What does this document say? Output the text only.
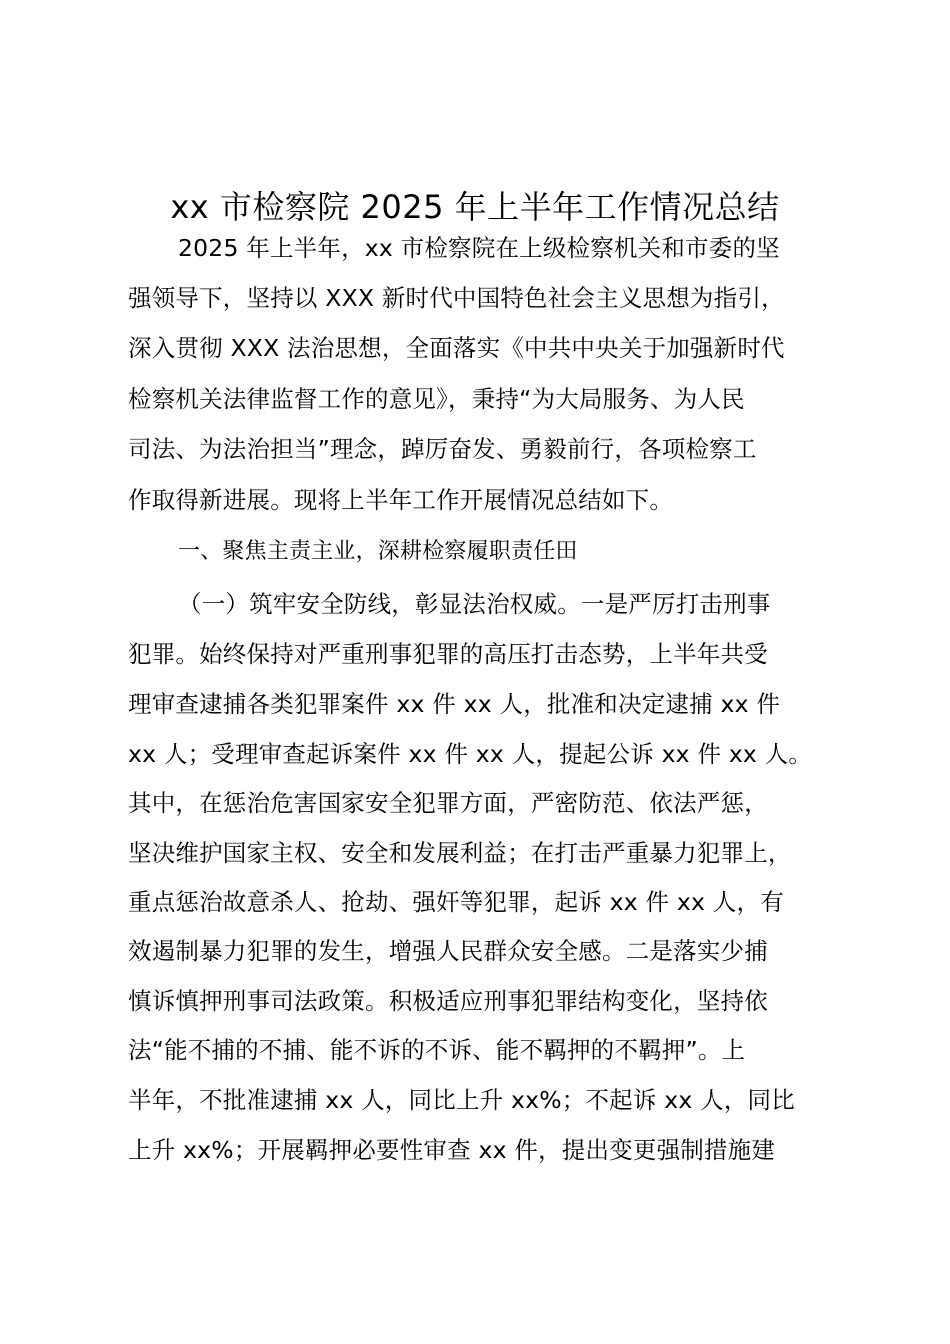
xx 市检察院 2025 年上半年工作情况总结
2025 年上半年，xx 市检察院在上级检察机关和市委的坚
强领导下，坚持以 XXX 新时代中国特色社会主义思想为指引，
深入贯彻 XXX 法治思想，全面落实《中共中央关于加强新时代
检察机关法律监督工作的意见》，秉持“为大局服务、为人民
司法、为法治担当”理念，踔厉奋发、勇毅前行，各项检察工
作取得新进展。现将上半年工作开展情况总结如下。
一、聚焦主责主业，深耕检察履职责任田
（一）筑牢安全防线，彰显法治权威。一是严厉打击刑事
犯罪。始终保持对严重刑事犯罪的高压打击态势，上半年共受
理审查逮捕各类犯罪案件 xx 件 xx 人，批准和决定逮捕 xx 件
xx 人；受理审查起诉案件 xx 件 xx 人，提起公诉 xx 件 xx 人。
其中，在惩治危害国家安全犯罪方面，严密防范、依法严惩，
坚决维护国家主权、安全和发展利益；在打击严重暴力犯罪上，
重点惩治故意杀人、抢劫、强奸等犯罪，起诉 xx 件 xx 人，有
效遏制暴力犯罪的发生，增强人民群众安全感。二是落实少捕
慎诉慎押刑事司法政策。积极适应刑事犯罪结构变化，坚持依
法“能不捕的不捕、能不诉的不诉、能不羁押的不羁押”。上
半年，不批准逮捕 xx 人，同比上升 xx%；不起诉 xx 人，同比
上升 xx%；开展羁押必要性审查 xx 件，提出变更强制措施建
